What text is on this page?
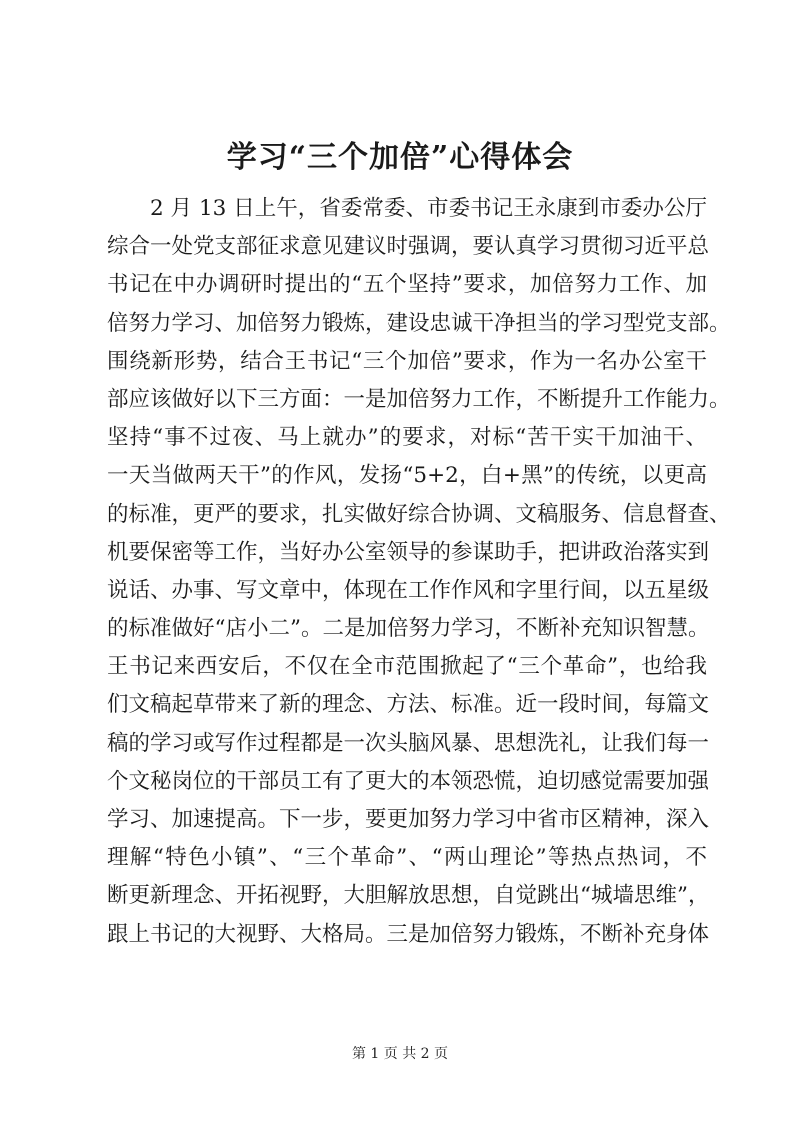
学习“三个加倍”心得体会
2 月 13 日上午，省委常委、市委书记王永康到市委办公厅
综合一处党支部征求意见建议时强调，要认真学习贯彻习近平总
书记在中办调研时提出的“五个坚持”要求，加倍努力工作、加
倍努力学习、加倍努力锻炼，建设忠诚干净担当的学习型党支部。
围绕新形势，结合王书记“三个加倍”要求，作为一名办公室干
部应该做好以下三方面：一是加倍努力工作，不断提升工作能力。
坚持“事不过夜、马上就办”的要求，对标“苦干实干加油干、
一天当做两天干”的作风，发扬“5+2，白+黑”的传统，以更高
的标准，更严的要求，扎实做好综合协调、文稿服务、信息督查、
机要保密等工作，当好办公室领导的参谋助手，把讲政治落实到
说话、办事、写文章中，体现在工作作风和字里行间，以五星级
的标准做好“店小二”。二是加倍努力学习，不断补充知识智慧。
王书记来西安后，不仅在全市范围掀起了“三个革命”，也给我
们文稿起草带来了新的理念、方法、标准。近一段时间，每篇文
稿的学习或写作过程都是一次头脑风暴、思想洗礼，让我们每一
个文秘岗位的干部员工有了更大的本领恐慌，迫切感觉需要加强
学习、加速提高。下一步，要更加努力学习中省市区精神，深入
理解“特色小镇”、“三个革命”、“两山理论”等热点热词，不
断更新理念、开拓视野，大胆解放思想，自觉跳出“城墙思维”，
跟上书记的大视野、大格局。三是加倍努力锻炼，不断补充身体
第 1 页 共 2 页
